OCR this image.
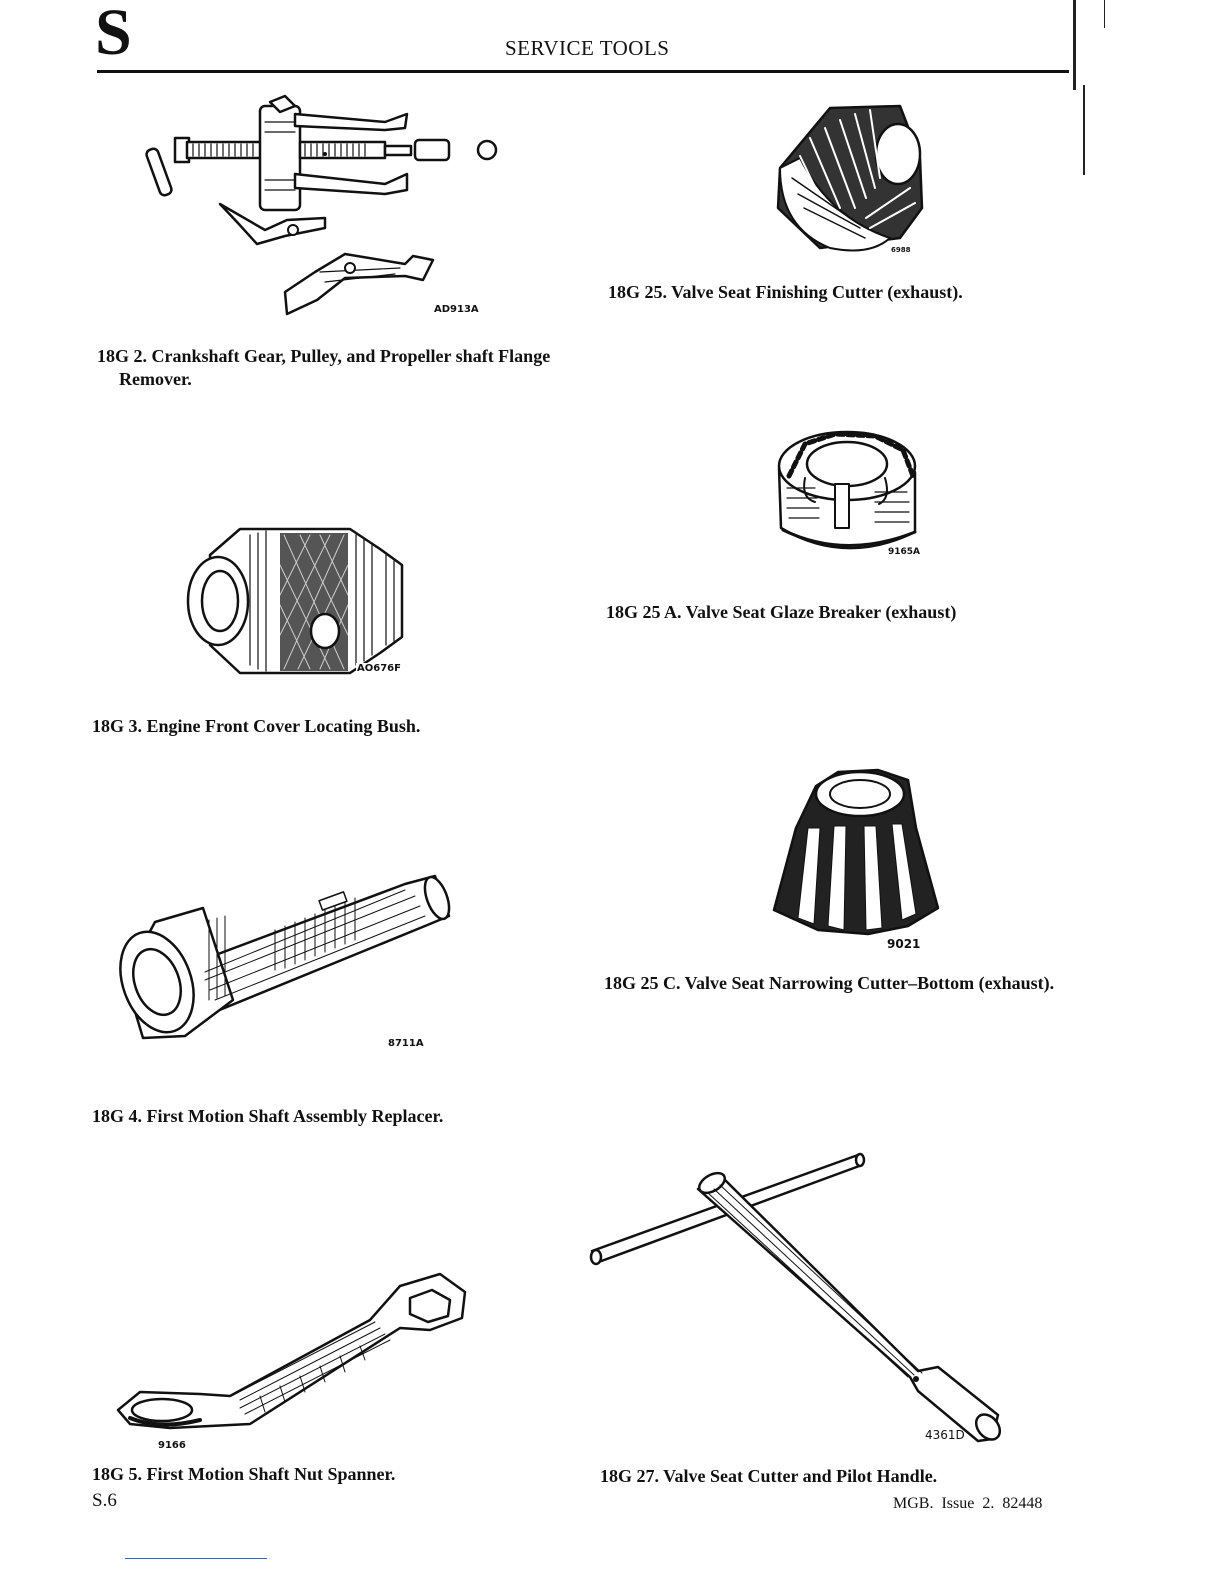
S	SERVICE TOOLS
AD913A
18G 2. Crankshaft Gear, Pulley, and Propeller shaft Flange
Remover.
AO676F
18G 3. Engine Front Cover Locating Bush.
8711A
18G 4. First Motion Shaft Assembly Replacer.
9166
18G 5. First Motion Shaft Nut Spanner.
6988
18G 25. Valve Seat Finishing Cutter (exhaust).
9165A
18G 25 A. Valve Seat Glaze Breaker (exhaust)
9021
18G 25 C. Valve Seat Narrowing Cutter–Bottom (exhaust).
4361D
18G 27. Valve Seat Cutter and Pilot Handle.
S.6	MGB. Issue 2. 82448
